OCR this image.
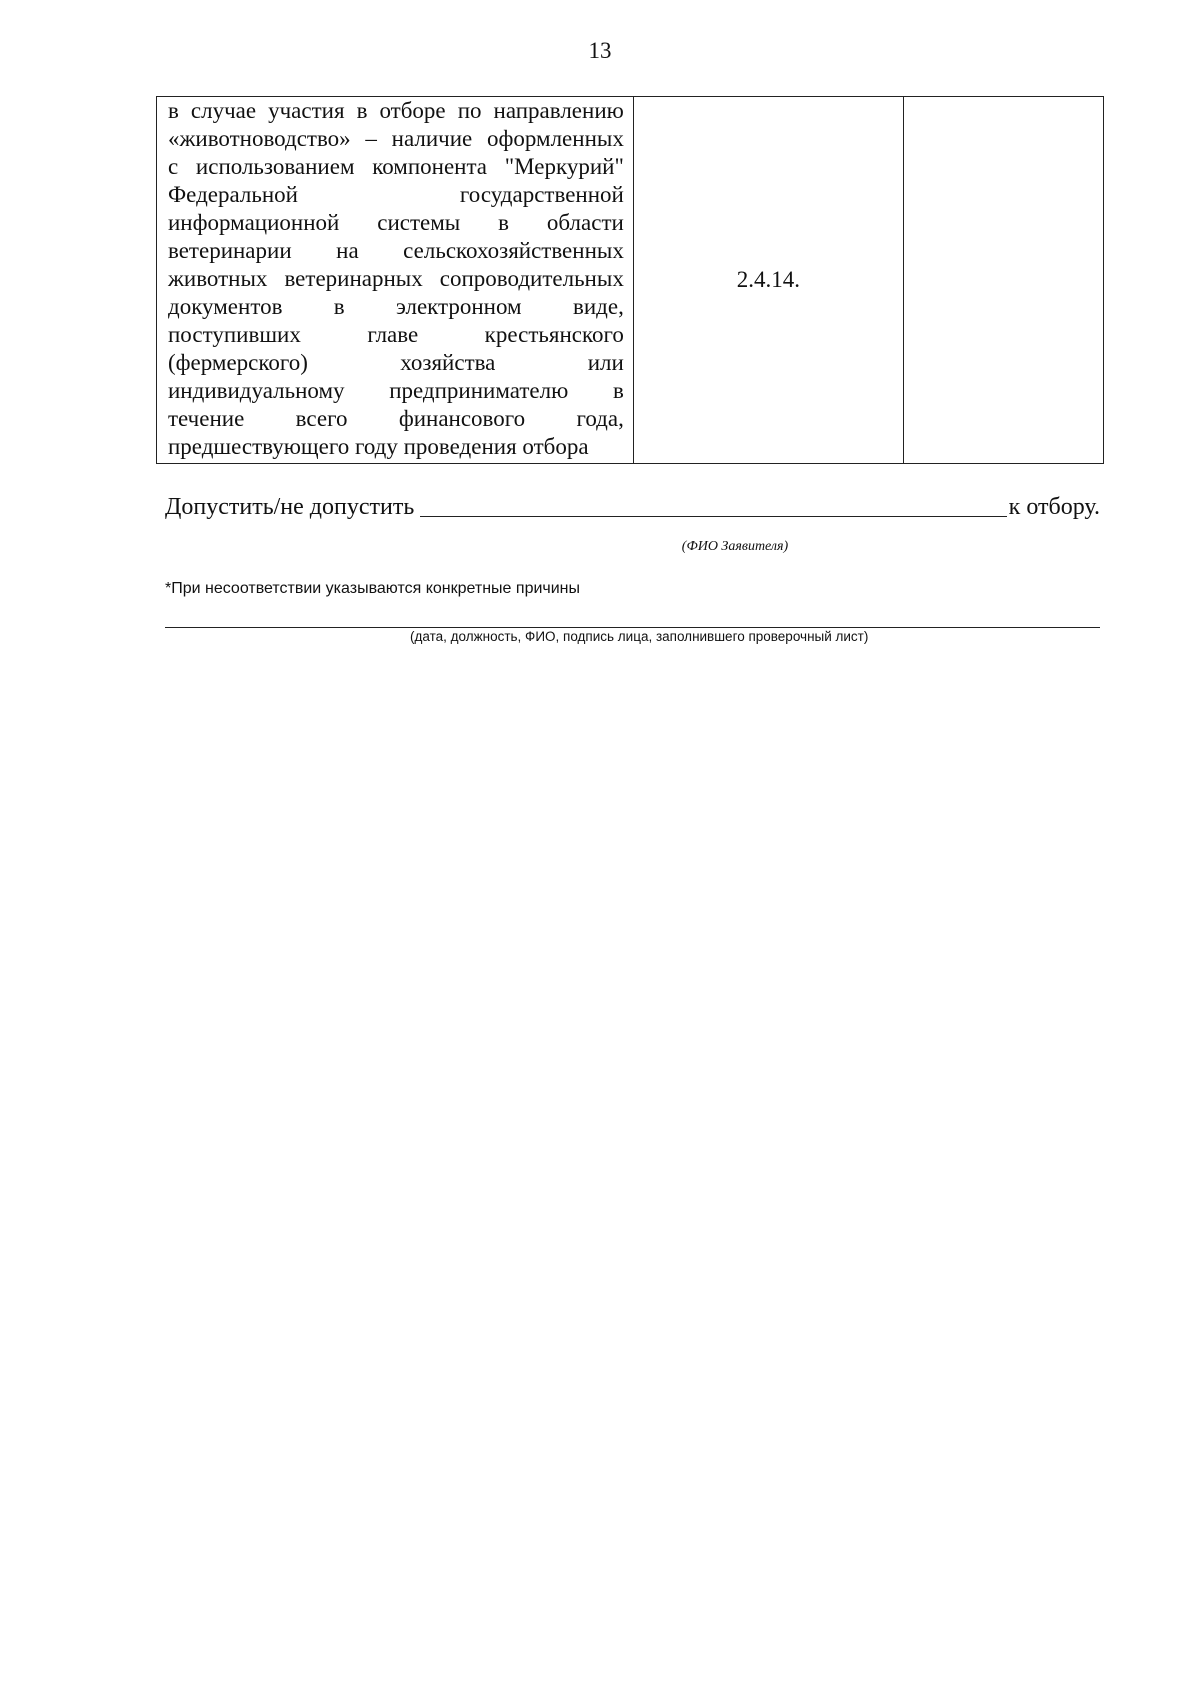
13
в случае участия в отборе по направлению
«животноводство» – наличие оформленных
с использованием компонента "Меркурий"
Федеральной	государственной
информационной системы в области
ветеринарии на сельскохозяйственных
животных ветеринарных сопроводительных
документов в электронном виде,
поступивших	главе	крестьянского
(фермерского)	хозяйства	или
индивидуальному предпринимателю в
течение всего финансового года,
предшествующего году проведения отбора
	2.4.14.	
Допустить/не допустить	к отбору.
(ФИО Заявителя)
*При несоответствии указываются конкретные причины
(дата, должность, ФИО, подпись лица, заполнившего проверочный лист)
